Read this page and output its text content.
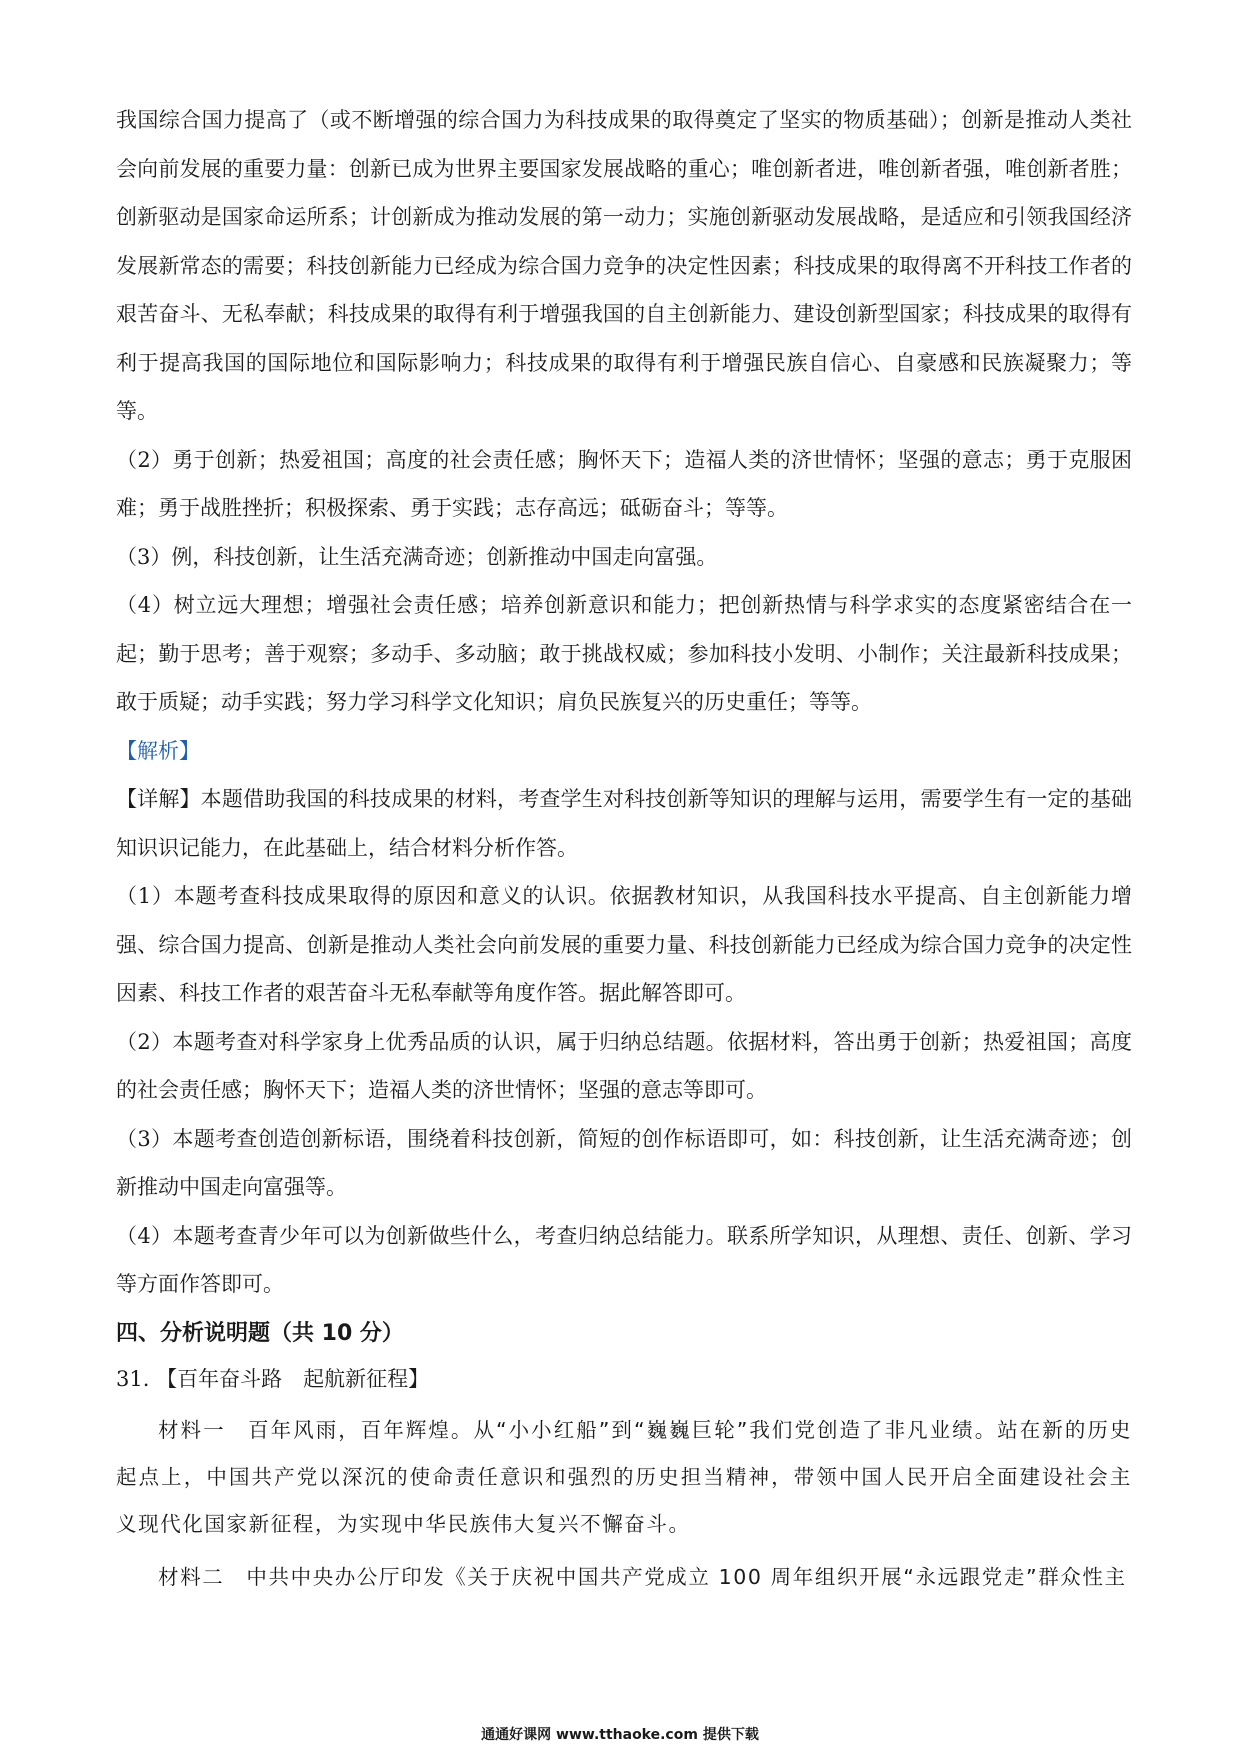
我国综合国力提高了（或不断增强的综合国力为科技成果的取得奠定了坚实的物质基础）；创新是推动人类社会向前发展的重要力量：创新已成为世界主要国家发展战略的重心；唯创新者进，唯创新者强，唯创新者胜；创新驱动是国家命运所系；计创新成为推动发展的第一动力；实施创新驱动发展战略，是适应和引领我国经济发展新常态的需要；科技创新能力已经成为综合国力竞争的决定性因素；科技成果的取得离不开科技工作者的艰苦奋斗、无私奉献；科技成果的取得有利于增强我国的自主创新能力、建设创新型国家；科技成果的取得有利于提高我国的国际地位和国际影响力；科技成果的取得有利于增强民族自信心、自豪感和民族凝聚力；等等。

（2）勇于创新；热爱祖国；高度的社会责任感；胸怀天下；造福人类的济世情怀；坚强的意志；勇于克服困难；勇于战胜挫折；积极探索、勇于实践；志存高远；砥砺奋斗；等等。

（3）例，科技创新，让生活充满奇迹；创新推动中国走向富强。

（4）树立远大理想；增强社会责任感；培养创新意识和能力；把创新热情与科学求实的态度紧密结合在一起；勤于思考；善于观察；多动手、多动脑；敢于挑战权威；参加科技小发明、小制作；关注最新科技成果；敢于质疑；动手实践；努力学习科学文化知识；肩负民族复兴的历史重任；等等。

【解析】

【详解】本题借助我国的科技成果的材料，考查学生对科技创新等知识的理解与运用，需要学生有一定的基础知识识记能力，在此基础上，结合材料分析作答。

（1）本题考查科技成果取得的原因和意义的认识。依据教材知识，从我国科技水平提高、自主创新能力增强、综合国力提高、创新是推动人类社会向前发展的重要力量、科技创新能力已经成为综合国力竞争的决定性因素、科技工作者的艰苦奋斗无私奉献等角度作答。据此解答即可。

（2）本题考查对科学家身上优秀品质的认识，属于归纳总结题。依据材料，答出勇于创新；热爱祖国；高度的社会责任感；胸怀天下；造福人类的济世情怀；坚强的意志等即可。

（3）本题考查创造创新标语，围绕着科技创新，简短的创作标语即可，如：科技创新，让生活充满奇迹；创新推动中国走向富强等。

（4）本题考查青少年可以为创新做些什么，考查归纳总结能力。联系所学知识，从理想、责任、创新、学习等方面作答即可。

四、分析说明题（共 10 分）

31. 【百年奋斗路　起航新征程】

材料一　百年风雨，百年辉煌。从“小小红船”到“巍巍巨轮”我们党创造了非凡业绩。站在新的历史起点上，中国共产党以深沉的使命责任意识和强烈的历史担当精神，带领中国人民开启全面建设社会主义现代化国家新征程，为实现中华民族伟大复兴不懈奋斗。

材料二　中共中央办公厅印发《关于庆祝中国共产党成立 100 周年组织开展“永远跟党走”群众性主

通通好课网 www.tthaoke.com 提供下载
